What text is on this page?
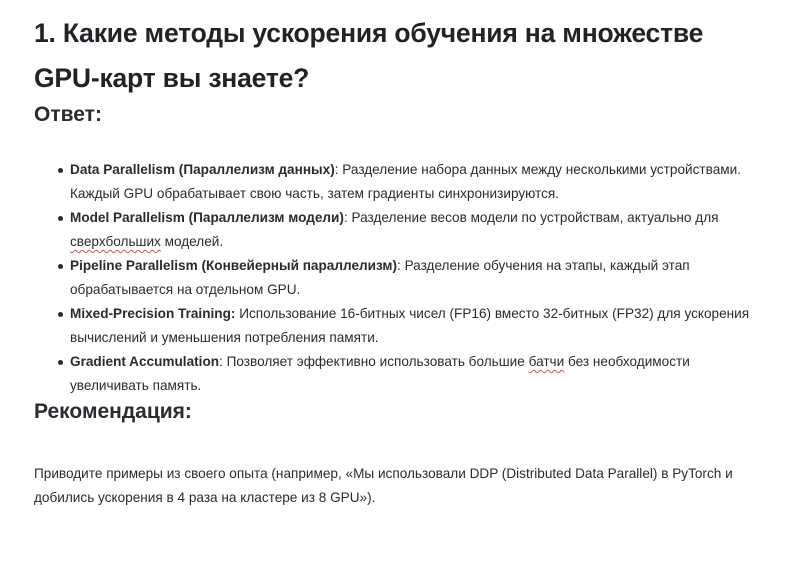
1. Какие методы ускорения обучения на множестве GPU-карт вы знаете?
Ответ:
Data Parallelism (Параллелизм данных): Разделение набора данных между несколькими устройствами. Каждый GPU обрабатывает свою часть, затем градиенты синхронизируются.
Model Parallelism (Параллелизм модели): Разделение весов модели по устройствам, актуально для сверхбольших моделей.
Pipeline Parallelism (Конвейерный параллелизм): Разделение обучения на этапы, каждый этап обрабатывается на отдельном GPU.
Mixed-Precision Training: Использование 16-битных чисел (FP16) вместо 32-битных (FP32) для ускорения вычислений и уменьшения потребления памяти.
Gradient Accumulation: Позволяет эффективно использовать большие батчи без необходимости увеличивать память.
Рекомендация:

Приводите примеры из своего опыта (например, «Мы использовали DDP (Distributed Data Parallel) в PyTorch и добились ускорения в 4 раза на кластере из 8 GPU»).
